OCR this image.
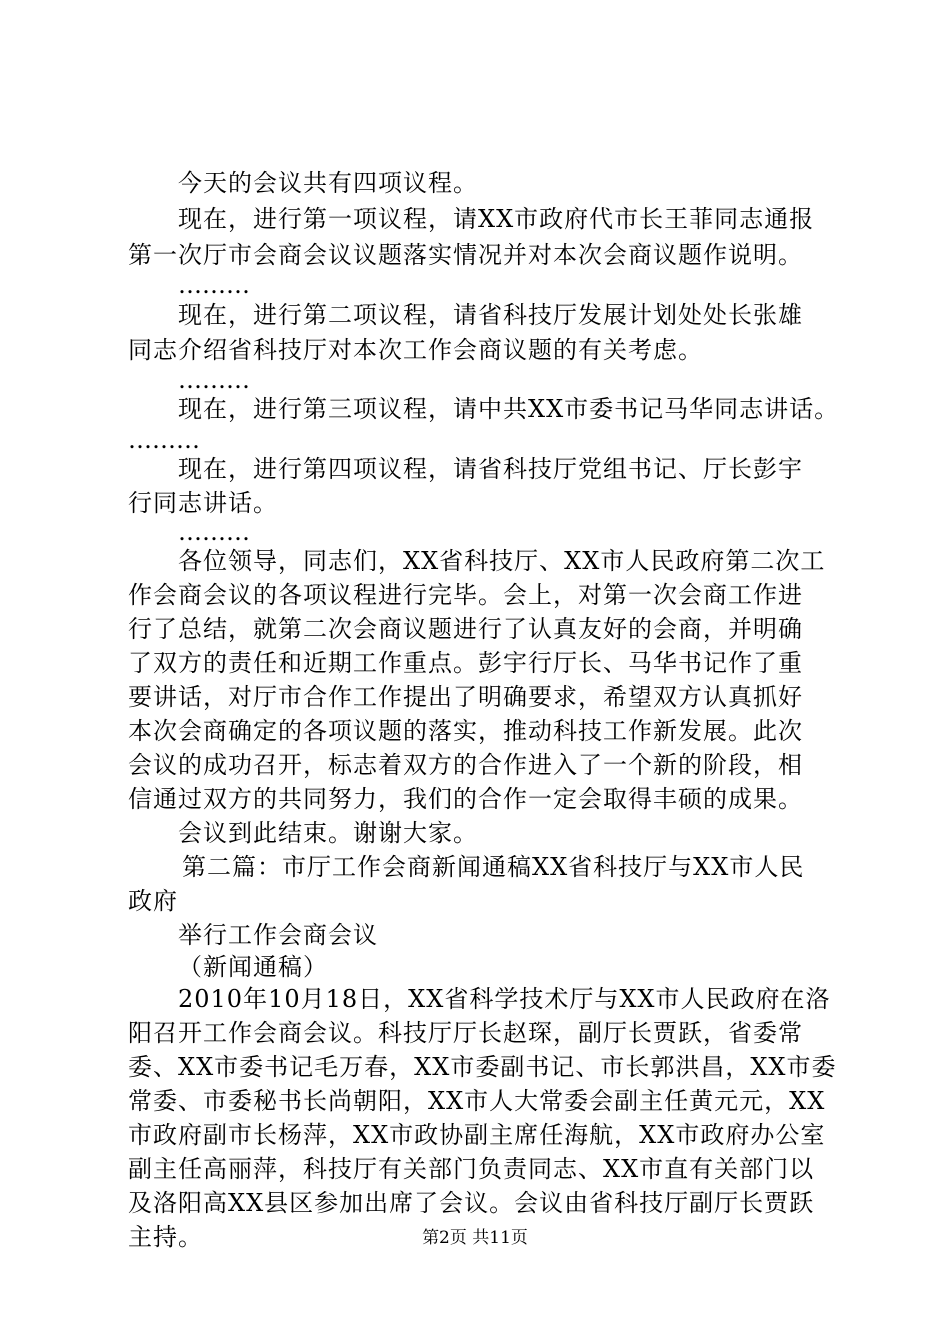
今天的会议共有四项议程。
现在，进行第一项议程，请XX市政府代市长王菲同志通报
第一次厅市会商会议议题落实情况并对本次会商议题作说明。
………
现在，进行第二项议程，请省科技厅发展计划处处长张雄
同志介绍省科技厅对本次工作会商议题的有关考虑。
………
现在，进行第三项议程，请中共XX市委书记马华同志讲话。
………
现在，进行第四项议程，请省科技厅党组书记、厅长彭宇
行同志讲话。
………
各位领导，同志们，XX省科技厅、XX市人民政府第二次工
作会商会议的各项议程进行完毕。会上，对第一次会商工作进
行了总结，就第二次会商议题进行了认真友好的会商，并明确
了双方的责任和近期工作重点。彭宇行厅长、马华书记作了重
要讲话，对厅市合作工作提出了明确要求，希望双方认真抓好
本次会商确定的各项议题的落实，推动科技工作新发展。此次
会议的成功召开，标志着双方的合作进入了一个新的阶段，相
信通过双方的共同努力，我们的合作一定会取得丰硕的成果。
会议到此结束。谢谢大家。
第二篇：市厅工作会商新闻通稿XX省科技厅与XX市人民
政府
举行工作会商会议
（新闻通稿）
2010年10月18日，XX省科学技术厅与XX市人民政府在洛
阳召开工作会商会议。科技厅厅长赵琛，副厅长贾跃，省委常
委、XX市委书记毛万春，XX市委副书记、市长郭洪昌，XX市委
常委、市委秘书长尚朝阳，XX市人大常委会副主任黄元元，XX
市政府副市长杨萍，XX市政协副主席任海航，XX市政府办公室
副主任高丽萍，科技厅有关部门负责同志、XX市直有关部门以
及洛阳高XX县区参加出席了会议。会议由省科技厅副厅长贾跃
主持。	第2页 共11页
